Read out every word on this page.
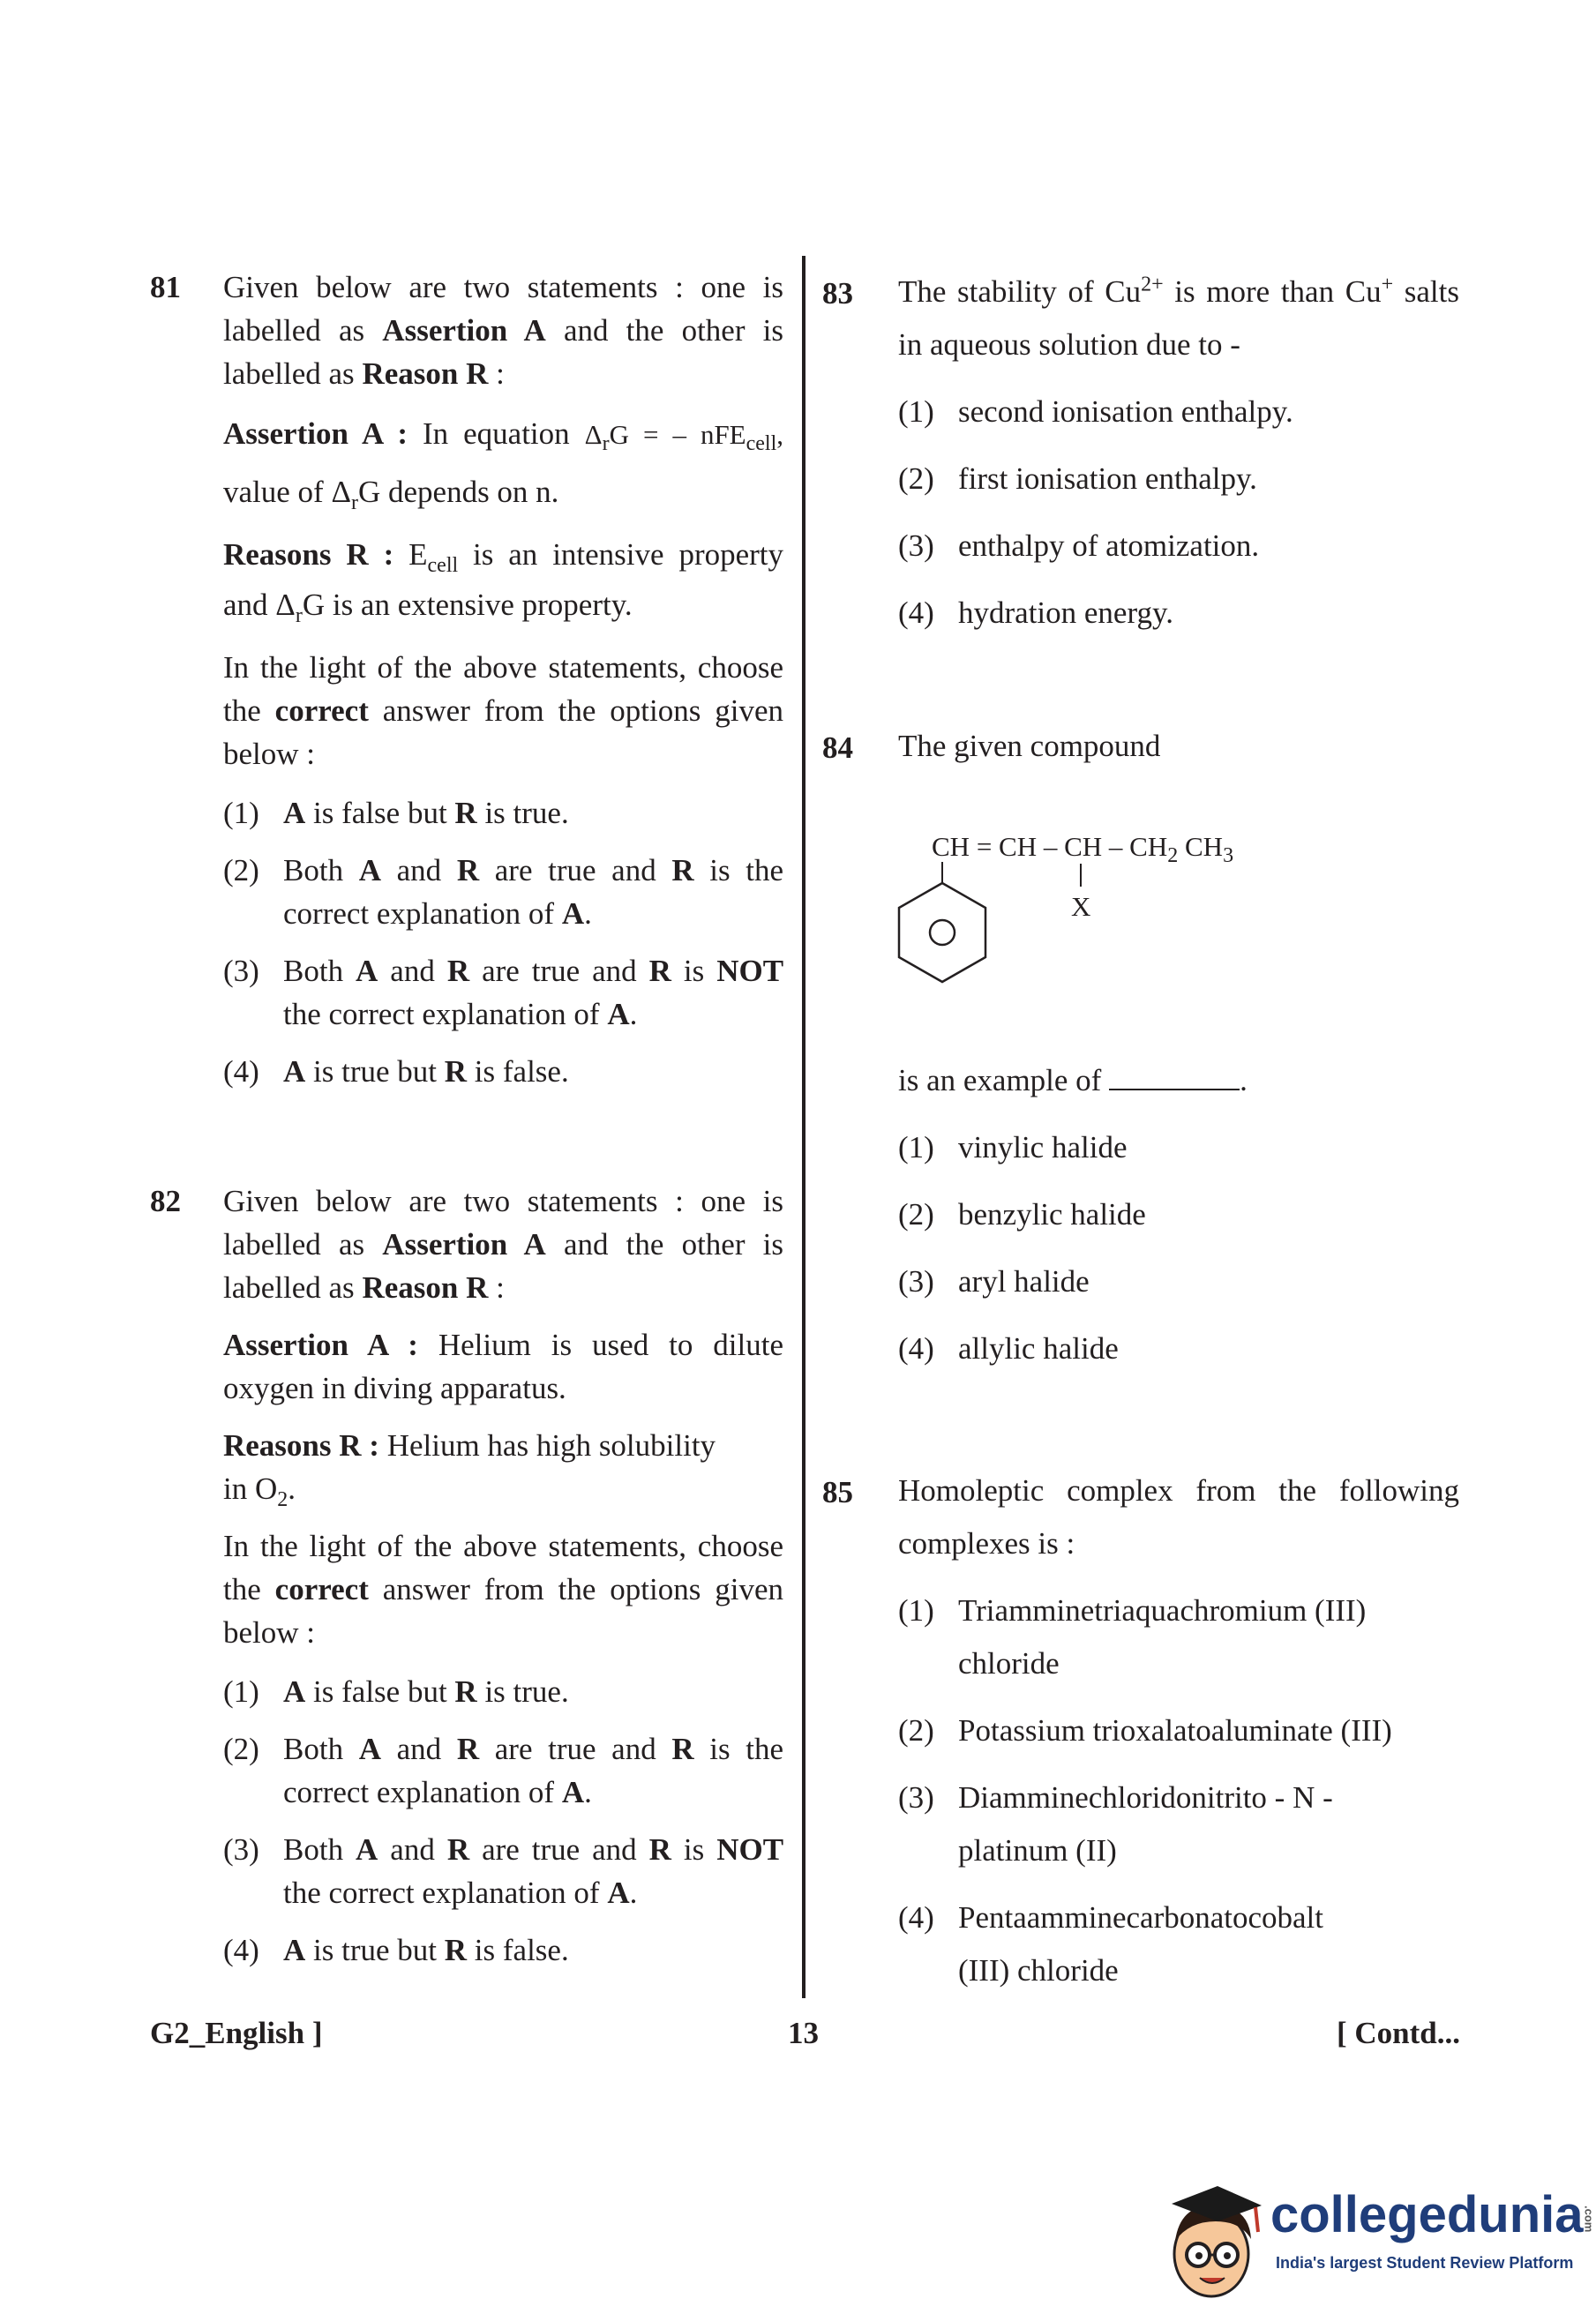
81 Given below are two statements : one is

labelled as Assertion A and the other is

labelled as Reason R :

Assertion A : In equation $\Delta_rG$ = – nFE$_{cell}$,

value of $\Delta_rG$ depends on n.

Reasons R : $E_{cell}$ is an intensive property

and $\Delta_rG$ is an extensive property.

In the light of the above statements, choose the correct answer from the options given below :

(1) A is false but R is true.
(2) Both A and R are true and R is the correct explanation of A.
(3) Both A and R are true and R is NOT the correct explanation of A.
(4) A is true but R is false.
82 Given below are two statements : one is

labelled as Assertion A and the other is

labelled as Reason R :

Assertion A : Helium is used to dilute oxygen in diving apparatus.

Reasons R : Helium has high solubility
in $O_2$.

In the light of the above statements, choose the correct answer from the options given below :

(1) A is false but R is true.
(2) Both A and R are true and R is the correct explanation of A.
(3) Both A and R are true and R is NOT the correct explanation of A.
(4) A is true but R is false.
83 The stability of $Cu^{2+}$ is more than Cu+ salts in aqueous solution due to -

(1) second ionisation enthalpy.
(2) first ionisation enthalpy.
(3) enthalpy of atomization.
(4) hydration energy.
84 The given compound
CH = CH – CH – $CH_2$ $CH_3$
X
is an example of	.
(1) vinylic halide
(2) benzylic halide
(3) aryl halide
(4) allylic halide
85 Homoleptic complex from the following complexes is :

(1) Triamminetriaquachromium (III) chloride
(2) Potassium trioxalatoaluminate (III)
(3) Diamminechloridonitrito - N - platinum (II)
(4) Pentaamminecarbonatocobalt (III) chloride
G2_English ]	13	[ Contd...
collegedunia.com
India's largest Student Review Platform
